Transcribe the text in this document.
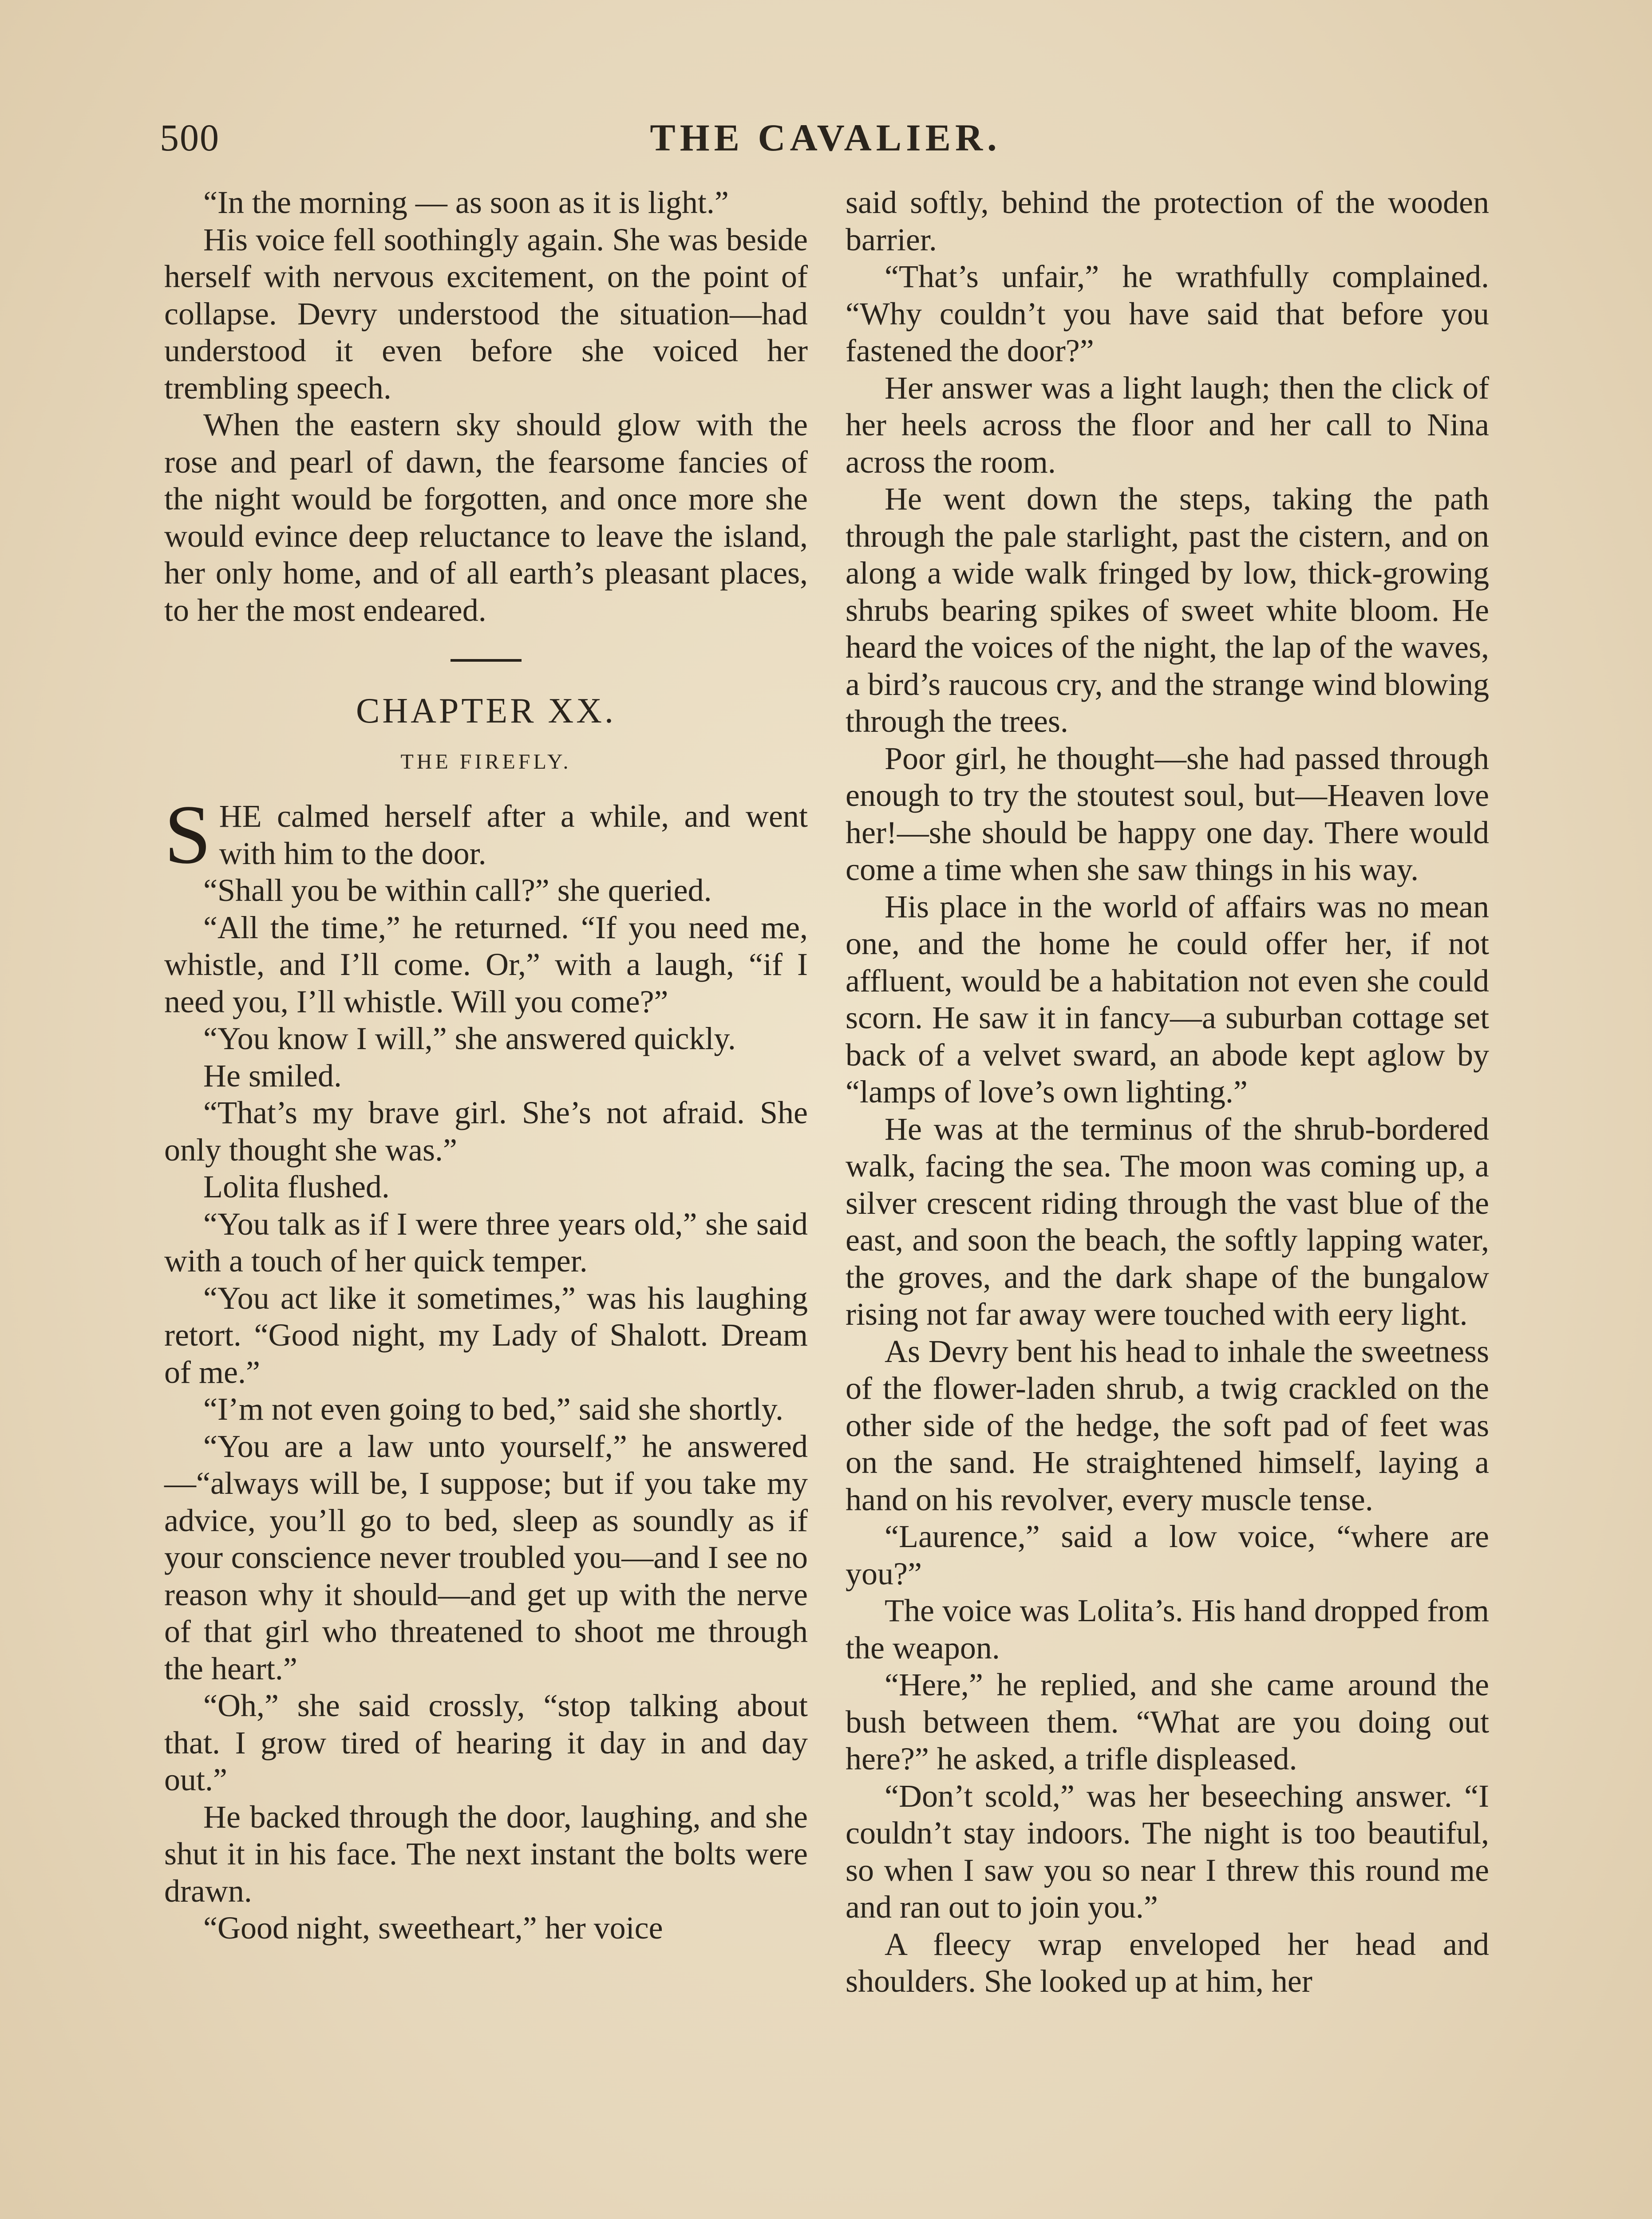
500	THE CAVALIER.

“In the morning — as soon as it is light.”

His voice fell soothingly again. She was beside herself with nervous excitement, on the point of collapse. Devry understood the situation—had understood it even before she voiced her trembling speech.

When the eastern sky should glow with the rose and pearl of dawn, the fearsome fancies of the night would be forgotten, and once more she would evince deep reluctance to leave the island, her only home, and of all earth’s pleasant places, to her the most endeared.

CHAPTER XX.
THE FIREFLY.

SHE calmed herself after a while, and went with him to the door.

“Shall you be within call?” she queried.

“All the time,” he returned. “If you need me, whistle, and I’ll come. Or,” with a laugh, “if I need you, I’ll whistle. Will you come?”

“You know I will,” she answered quickly.

He smiled.

“That’s my brave girl. She’s not afraid. She only thought she was.”

Lolita flushed.

“You talk as if I were three years old,” she said with a touch of her quick temper.

“You act like it sometimes,” was his laughing retort. “Good night, my Lady of Shalott. Dream of me.”

“I’m not even going to bed,” said she shortly.

“You are a law unto yourself,” he answered—“always will be, I suppose; but if you take my advice, you’ll go to bed, sleep as soundly as if your conscience never troubled you—and I see no reason why it should—and get up with the nerve of that girl who threatened to shoot me through the heart.”

“Oh,” she said crossly, “stop talking about that. I grow tired of hearing it day in and day out.”

He backed through the door, laughing, and she shut it in his face. The next instant the bolts were drawn.

“Good night, sweetheart,” her voice

said softly, behind the protection of the wooden barrier.

“That’s unfair,” he wrathfully complained. “Why couldn’t you have said that before you fastened the door?”

Her answer was a light laugh; then the click of her heels across the floor and her call to Nina across the room.

He went down the steps, taking the path through the pale starlight, past the cistern, and on along a wide walk fringed by low, thick-growing shrubs bearing spikes of sweet white bloom. He heard the voices of the night, the lap of the waves, a bird’s raucous cry, and the strange wind blowing through the trees.

Poor girl, he thought—she had passed through enough to try the stoutest soul, but—Heaven love her!—she should be happy one day. There would come a time when she saw things in his way.

His place in the world of affairs was no mean one, and the home he could offer her, if not affluent, would be a habitation not even she could scorn. He saw it in fancy—a suburban cottage set back of a velvet sward, an abode kept aglow by “lamps of love’s own lighting.”

He was at the terminus of the shrub-bordered walk, facing the sea. The moon was coming up, a silver crescent riding through the vast blue of the east, and soon the beach, the softly lapping water, the groves, and the dark shape of the bungalow rising not far away were touched with eery light.

As Devry bent his head to inhale the sweetness of the flower-laden shrub, a twig crackled on the other side of the hedge, the soft pad of feet was on the sand. He straightened himself, laying a hand on his revolver, every muscle tense.

“Laurence,” said a low voice, “where are you?”

The voice was Lolita’s. His hand dropped from the weapon.

“Here,” he replied, and she came around the bush between them. “What are you doing out here?” he asked, a trifle displeased.

“Don’t scold,” was her beseeching answer. “I couldn’t stay indoors. The night is too beautiful, so when I saw you so near I threw this round me and ran out to join you.”

A fleecy wrap enveloped her head and shoulders. She looked up at him, her
